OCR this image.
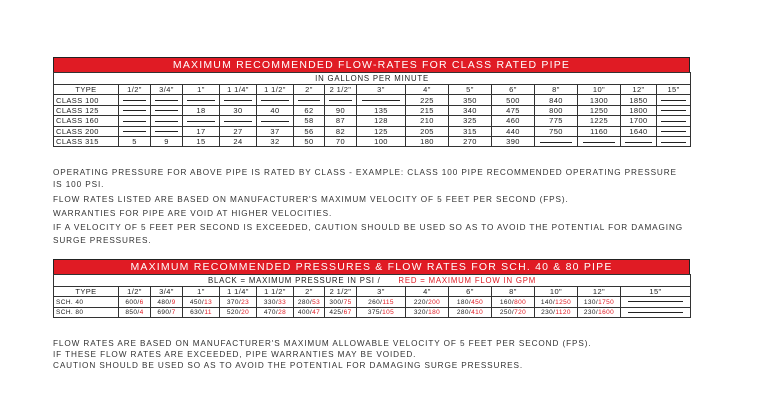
MAXIMUM RECOMMENDED FLOW-RATES FOR CLASS RATED PIPE
IN GALLONS PER MINUTE															
TYPE	1/2"	3/4"	1"	1 1/4"	1 1/2"	2"	2 1/2"	3"	4"	5"	6"	8"	10"	12"	15"
CLASS 100									225	350	500	840	1300	1850	
CLASS 125			18	30	40	62	90	135	215	340	475	800	1250	1800	
CLASS 160						58	87	128	210	325	460	775	1225	1700	
CLASS 200			17	27	37	56	82	125	205	315	440	750	1160	1640	
CLASS 315	5	9	15	24	32	50	70	100	180	270	390				

OPERATING PRESSURE FOR ABOVE PIPE IS RATED BY CLASS - EXAMPLE: CLASS 100 PIPE RECOMMENDED OPERATING PRESSURE

IS 100 PSI.

FLOW RATES LISTED ARE BASED ON MANUFACTURER'S MAXIMUM VELOCITY OF 5 FEET PER SECOND (FPS).

WARRANTIES FOR PIPE ARE VOID AT HIGHER VELOCITIES.

IF A VELOCITY OF 5 FEET PER SECOND IS EXCEEDED, CAUTION SHOULD BE USED SO AS TO AVOID THE POTENTIAL FOR DAMAGING

SURGE PRESSURES.

MAXIMUM RECOMMENDED PRESSURES & FLOW RATES FOR SCH. 40 & 80 PIPE
BLACK = MAXIMUM PRESSURE IN PSI / RED = MAXIMUM FLOW IN GPM														
TYPE	1/2"	3/4"	1"	1 1/4"	1 1/2"	2"	2 1/2"	3"	4"	6"	8"	10"	12"	15"
SCH. 40	600/6	480/9	450/13	370/23	330/33	280/53	300/75	260/115	220/200	180/450	160/800	140/1250	130/1750	
SCH. 80	850/4	690/7	630/11	520/20	470/28	400/47	425/67	375/105	320/180	280/410	250/720	230/1120	230/1600	

FLOW RATES ARE BASED ON MANUFACTURER'S MAXIMUM ALLOWABLE VELOCITY OF 5 FEET PER SECOND (FPS).

IF THESE FLOW RATES ARE EXCEEDED, PIPE WARRANTIES MAY BE VOIDED.

CAUTION SHOULD BE USED SO AS TO AVOID THE POTENTIAL FOR DAMAGING SURGE PRESSURES.
